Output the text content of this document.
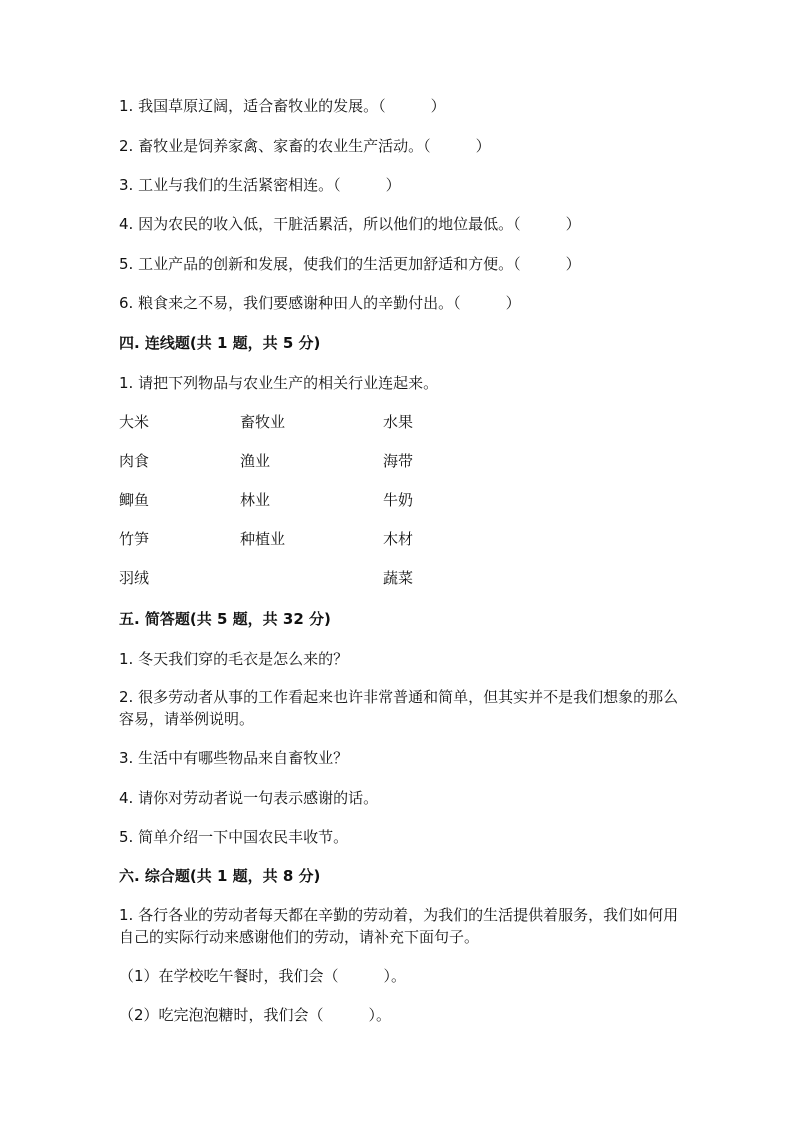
1. 我国草原辽阔，适合畜牧业的发展。（　　　）
2. 畜牧业是饲养家禽、家畜的农业生产活动。（　　　）
3. 工业与我们的生活紧密相连。（　　　）
4. 因为农民的收入低，干脏活累活，所以他们的地位最低。（　　　）
5. 工业产品的创新和发展，使我们的生活更加舒适和方便。（　　　）
6. 粮食来之不易，我们要感谢种田人的辛勤付出。（　　　）
四. 连线题(共 1 题，共 5 分)
1. 请把下列物品与农业生产的相关行业连起来。
大米
肉食
鲫鱼
竹笋
羽绒
畜牧业
渔业
林业
种植业
水果
海带
牛奶
木材
蔬菜
五. 简答题(共 5 题，共 32 分)
1. 冬天我们穿的毛衣是怎么来的？
2. 很多劳动者从事的工作看起来也许非常普通和简单，但其实并不是我们想象的那么容易，请举例说明。
3. 生活中有哪些物品来自畜牧业？
4. 请你对劳动者说一句表示感谢的话。
5. 简单介绍一下中国农民丰收节。
六. 综合题(共 1 题，共 8 分)
1. 各行各业的劳动者每天都在辛勤的劳动着，为我们的生活提供着服务，我们如何用自己的实际行动来感谢他们的劳动，请补充下面句子。
（1）在学校吃午餐时，我们会（　　　）。
（2）吃完泡泡糖时，我们会（　　　）。
